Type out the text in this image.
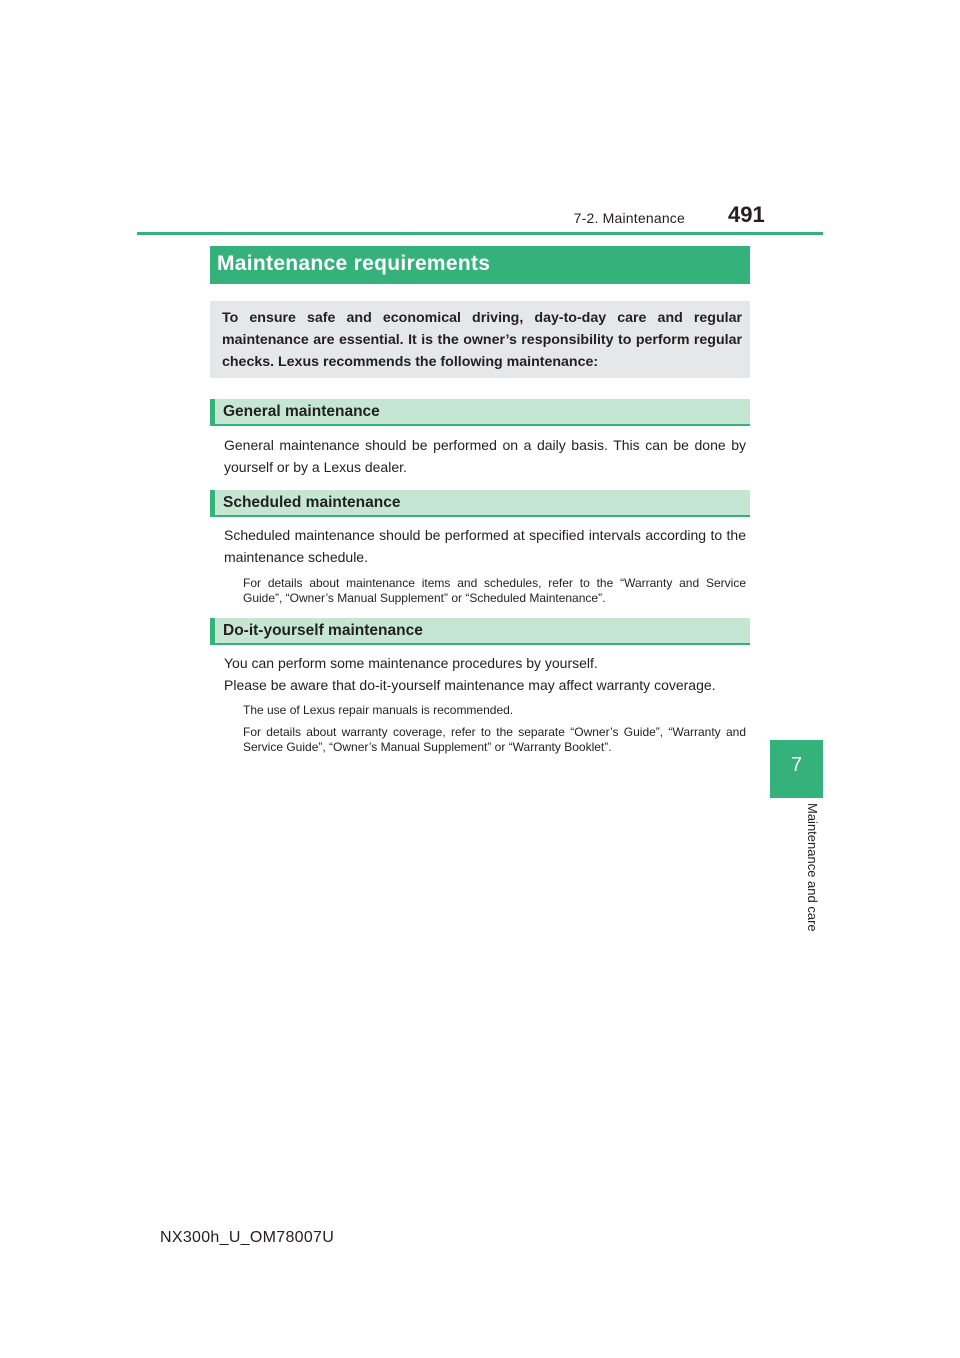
7-2. Maintenance 491
7
Maintenance and care
Maintenance requirements
To ensure safe and economical driving, day-to-day care and regular maintenance are essential. It is the owner’s responsibility to perform regular checks. Lexus recommends the following maintenance:
General maintenance
General maintenance should be performed on a daily basis. This can be done by yourself or by a Lexus dealer.
Scheduled maintenance
Scheduled maintenance should be performed at specified intervals according to the maintenance schedule.
For details about maintenance items and schedules, refer to the “Warranty and Service Guide”, “Owner’s Manual Supplement” or “Scheduled Maintenance”.
Do-it-yourself maintenance
You can perform some maintenance procedures by yourself.
Please be aware that do-it-yourself maintenance may affect warranty coverage.
The use of Lexus repair manuals is recommended.
For details about warranty coverage, refer to the separate “Owner’s Guide”, “Warranty and Service Guide”, “Owner’s Manual Supplement” or “Warranty Booklet”.
NX300h_U_OM78007U
